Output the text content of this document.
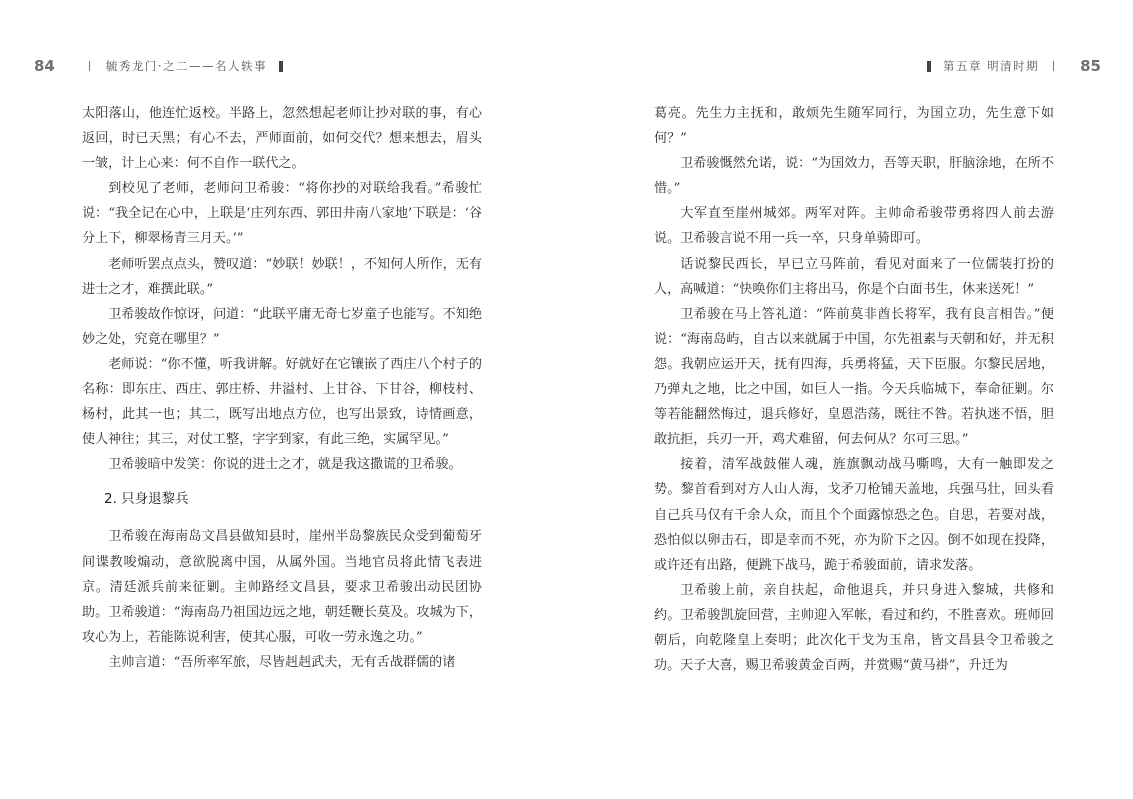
84	毓秀龙门·之二——名人轶事

太阳落山，他连忙返校。半路上，忽然想起老师让抄对联的事，有心返回，时已天黑；有心不去，严师面前，如何交代？想来想去，眉头一皱，计上心来：何不自作一联代之。

到校见了老师，老师问卫希骏：“将你抄的对联给我看。”希骏忙说：“我全记在心中，上联是‘庄列东西、郭田井南八家地’下联是：‘谷分上下，柳翠杨青三月天。’”

老师听罢点点头，赞叹道：“妙联！妙联！，不知何人所作，无有进士之才，难撰此联。”

卫希骏故作惊讶，问道：“此联平庸无奇七岁童子也能写。不知绝妙之处，究竟在哪里？”

老师说：“你不懂，听我讲解。好就好在它镶嵌了西庄八个村子的名称：即东庄、西庄、郭庄桥、井溢村、上甘谷、下甘谷，柳枝村、杨村，此其一也；其二，既写出地点方位，也写出景致，诗情画意，使人神往；其三，对仗工整，字字到家，有此三绝，实属罕见。”

卫希骏暗中发笑：你说的进士之才，就是我这撒谎的卫希骏。

2. 只身退黎兵

卫希骏在海南岛文昌县做知县时，崖州半岛黎族民众受到葡萄牙间谍教唆煽动，意欲脱离中国，从属外国。当地官员将此情飞表进京。清廷派兵前来征剿。主帅路经文昌县，要求卫希骏出动民团协助。卫希骏道：“海南岛乃祖国边远之地，朝廷鞭长莫及。攻城为下，攻心为上，若能陈说利害，使其心服，可收一劳永逸之功。”

主帅言道：“吾所率军旅，尽皆赳赳武夫，无有舌战群儒的诸

第五章 明清时期	85

葛亮。先生力主抚和，敢烦先生随军同行，为国立功，先生意下如何？”

卫希骏慨然允诺，说：“为国效力，吾等天职，肝脑涂地，在所不惜。”

大军直至崖州城郊。两军对阵。主帅命希骏带勇将四人前去游说。卫希骏言说不用一兵一卒，只身单骑即可。

话说黎民西长，早已立马阵前，看见对面来了一位儒装打扮的人，高喊道：“快唤你们主将出马，你是个白面书生，休来送死！”

卫希骏在马上答礼道：“阵前莫非酋长将军，我有良言相告。”便说：“海南岛屿，自古以来就属于中国，尔先祖素与天朝和好，并无积怨。我朝应运开天，抚有四海，兵勇将猛，天下臣服。尔黎民居地，乃弹丸之地，比之中国，如巨人一指。今天兵临城下，奉命征剿。尔等若能翻然悔过，退兵修好，皇恩浩荡，既往不咎。若执迷不悟，胆敢抗拒，兵刃一开，鸡犬难留，何去何从？尔可三思。”

接着，清军战鼓催人魂，旌旗飘动战马嘶鸣，大有一触即发之势。黎首看到对方人山人海，戈矛刀枪铺天盖地，兵强马壮，回头看自己兵马仅有千余人众，而且个个面露惊恐之色。自思，若要对战，恐怕似以卵击石，即是幸而不死，亦为阶下之囚。倒不如现在投降，或许还有出路，便跳下战马，跪于希骏面前，请求发落。

卫希骏上前，亲自扶起，命他退兵，并只身进入黎城，共修和约。卫希骏凯旋回营，主帅迎入军帐，看过和约，不胜喜欢。班师回朝后，向乾隆皇上奏明；此次化干戈为玉帛，皆文昌县令卫希骏之功。天子大喜，赐卫希骏黄金百两，并赏赐“黄马褂”，升迁为
